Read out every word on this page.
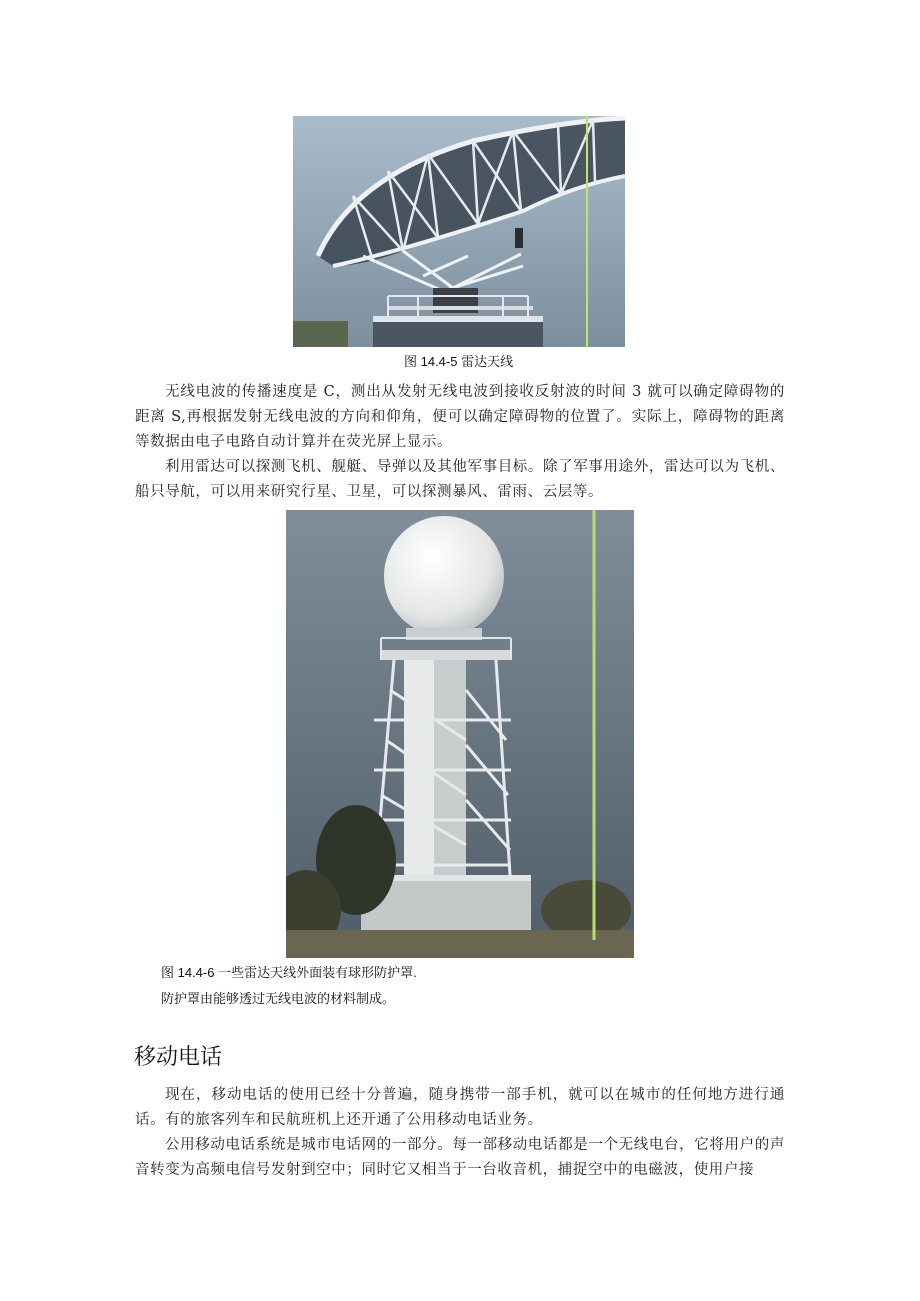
图 14.4-5 雷达天线

无线电波的传播速度是 C，测出从发射无线电波到接收反射波的时间 3 就可以确定障碍物的距离 S,再根据发射无线电波的方向和仰角，便可以确定障碍物的位置了。实际上，障碍物的距离等数据由电子电路自动计算并在荧光屏上显示。

利用雷达可以探测飞机、舰艇、导弹以及其他军事目标。除了军事用途外，雷达可以为飞机、船只导航，可以用来研究行星、卫星，可以探测暴风、雷雨、云层等。

图 14.4-6 一些雷达天线外面装有球形防护罩.
防护罩由能够透过无线电波的材料制成。
移动电话

现在，移动电话的使用已经十分普遍，随身携带一部手机，就可以在城市的任何地方进行通话。有的旅客列车和民航班机上还开通了公用移动电话业务。

公用移动电话系统是城市电话网的一部分。每一部移动电话都是一个无线电台，它将用户的声音转变为高频电信号发射到空中；同时它又相当于一台收音机，捕捉空中的电磁波，使用户接
